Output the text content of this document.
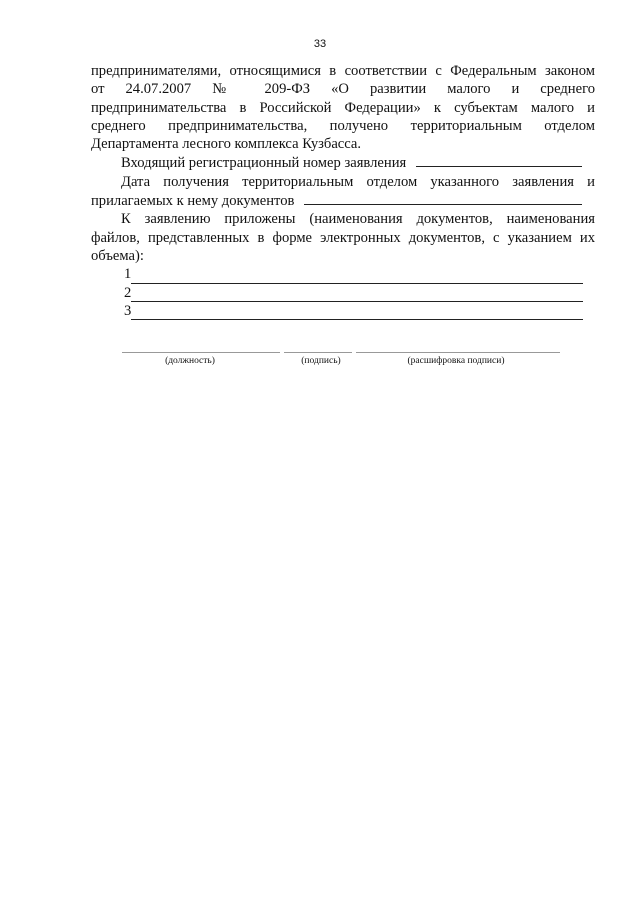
33
предпринимателями, относящимися в соответствии с Федеральным законом
от 24.07.2007 № 209-ФЗ «О развитии малого и среднего
предпринимательства в Российской Федерации» к субъектам малого и
среднего предпринимательства, получено территориальным отделом
Департамента лесного комплекса Кузбасса.
Входящий регистрационный номер заявления
Дата получения территориальным отделом указанного заявления и
прилагаемых к нему документов
К заявлению приложены (наименования документов, наименования
файлов, представленных в форме электронных документов, с указанием их
объема):
1
2
3
(должность)	(подпись)	(расшифровка подписи)
